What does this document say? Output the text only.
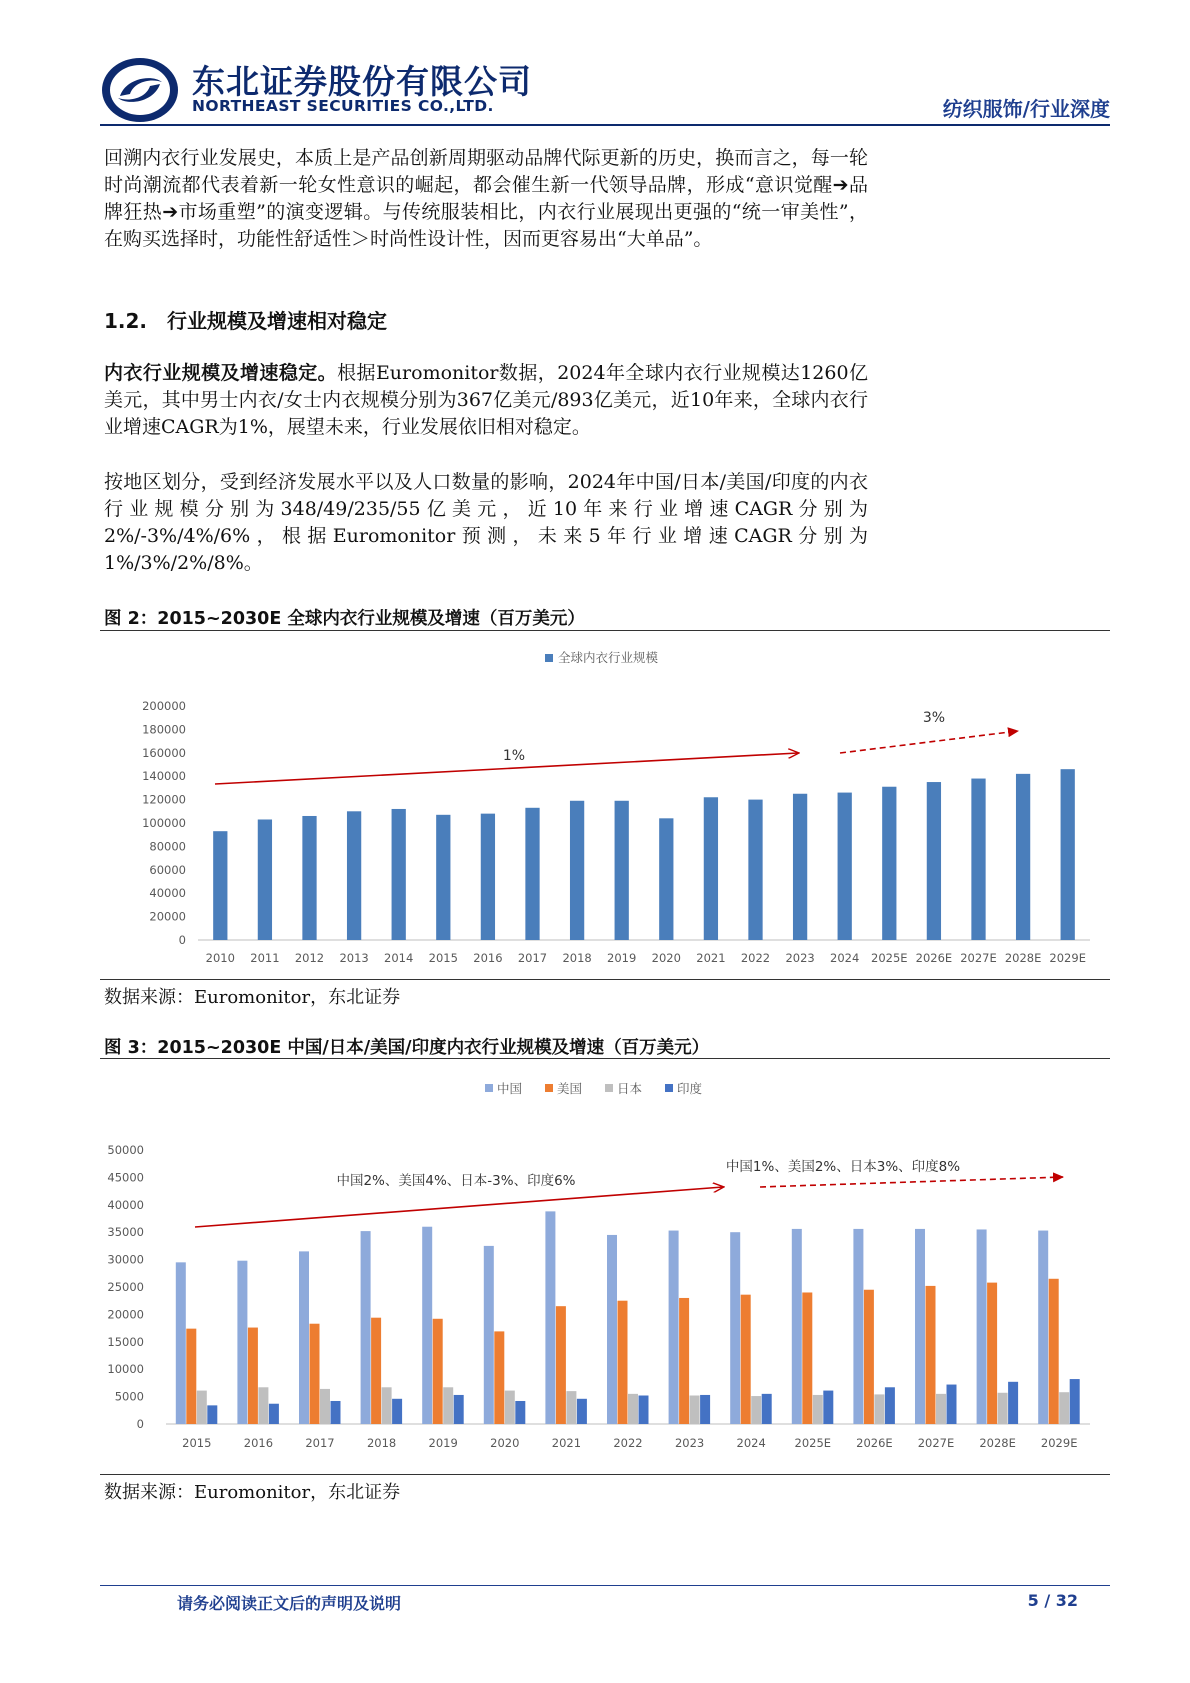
东北证券股份有限公司
NORTHEAST SECURITIES CO.,LTD.	纺织服饰/行业深度
回溯内衣行业发展史，本质上是产品创新周期驱动品牌代际更新的历史，换而言之，每一轮时尚潮流都代表着新一轮女性意识的崛起，都会催生新一代领导品牌，形成“意识觉醒➔品牌狂热➔市场重塑”的演变逻辑。与传统服装相比，内衣行业展现出更强的“统一审美性”，在购买选择时，功能性舒适性＞时尚性设计性，因而更容易出“大单品”。
1.2.　行业规模及增速相对稳定
内衣行业规模及增速稳定。根据Euromonitor数据，2024年全球内衣行业规模达1260亿美元，其中男士内衣/女士内衣规模分别为367亿美元/893亿美元，近10年来，全球内衣行业增速CAGR为1%，展望未来，行业发展依旧相对稳定。
按地区划分，受到经济发展水平以及人口数量的影响，2024年中国/日本/美国/印度的内衣行业规模分别为348/49/235/55亿美元，近10年来行业增速CAGR分别为2%/-3%/4%/6%，根据Euromonitor预测，未来5年行业增速CAGR分别为1%/3%/2%/8%。
图 2：2015~2030E 全球内衣行业规模及增速（百万美元）
全球内衣行业规模
0
20000
40000
60000
80000
100000
120000
140000
160000
180000
200000
2010 2011 2012 2013 2014 2015 2016 2017 2018 2019 2020 2021 2022 2023 2024 2025E 2026E 2027E 2028E 2029E
1%
3%
数据来源：Euromonitor，东北证券
图 3：2015~2030E 中国/日本/美国/印度内衣行业规模及增速（百万美元）
中国	美国	日本	印度
0
5000
10000
15000
20000
25000
30000
35000
40000
45000
50000
2015	2016	2017	2018	2019	2020	2021	2022	2023	2024 2025E 2026E 2027E 2028E 2029E
中国2%、美国4%、日本-3%、印度6%
中国1%、美国2%、日本3%、印度8%
数据来源：Euromonitor，东北证券
请务必阅读正文后的声明及说明	5 / 32
